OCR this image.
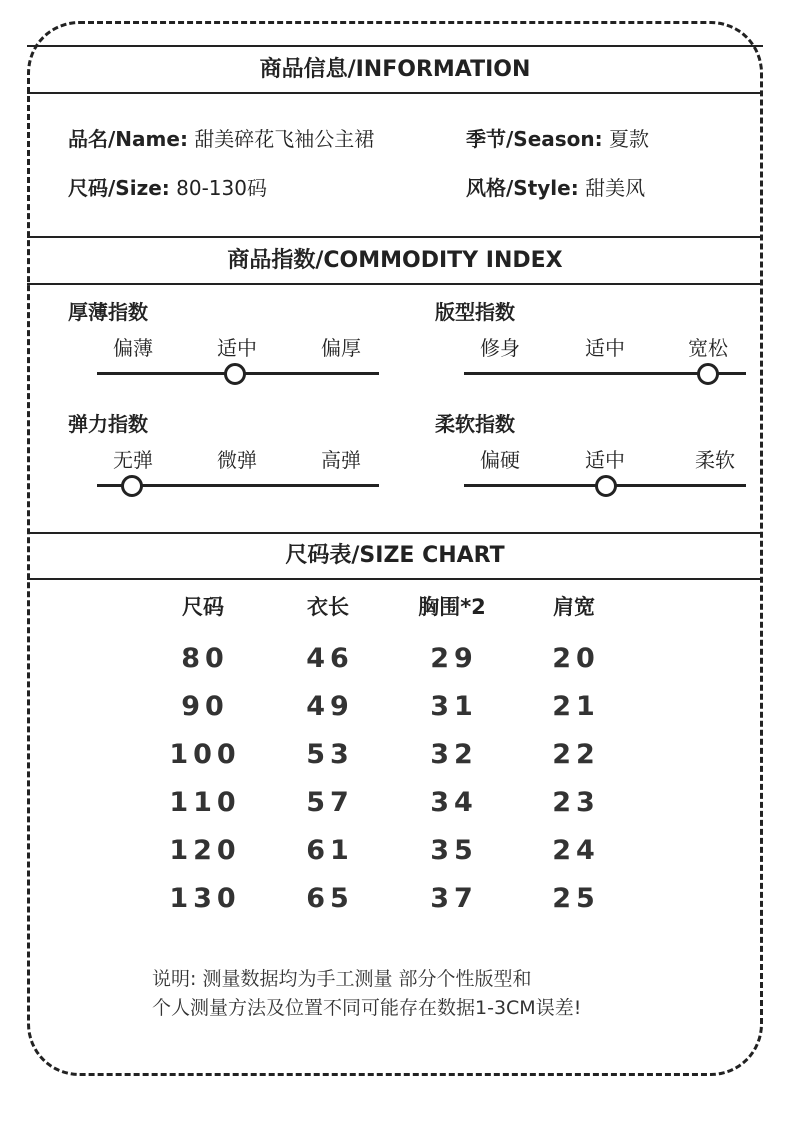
商品信息/INFORMATION
品名/Name: 甜美碎花飞袖公主裙	季节/Season: 夏款
尺码/Size: 80-130码	风格/Style: 甜美风
商品指数/COMMODITY INDEX
厚薄指数
偏薄	适中	偏厚
版型指数
修身	适中	宽松
弹力指数
无弹	微弹	高弹
柔软指数
偏硬	适中	柔软
尺码表/SIZE CHART
尺码	衣长	胸围*2	肩宽
80	46	29	20
90	49	31	21
100	53	32	22
110	57	34	23
120	61	35	24
130	65	37	25
说明: 测量数据均为手工测量 部分个性版型和
个人测量方法及位置不同可能存在数据1-3CM误差!
